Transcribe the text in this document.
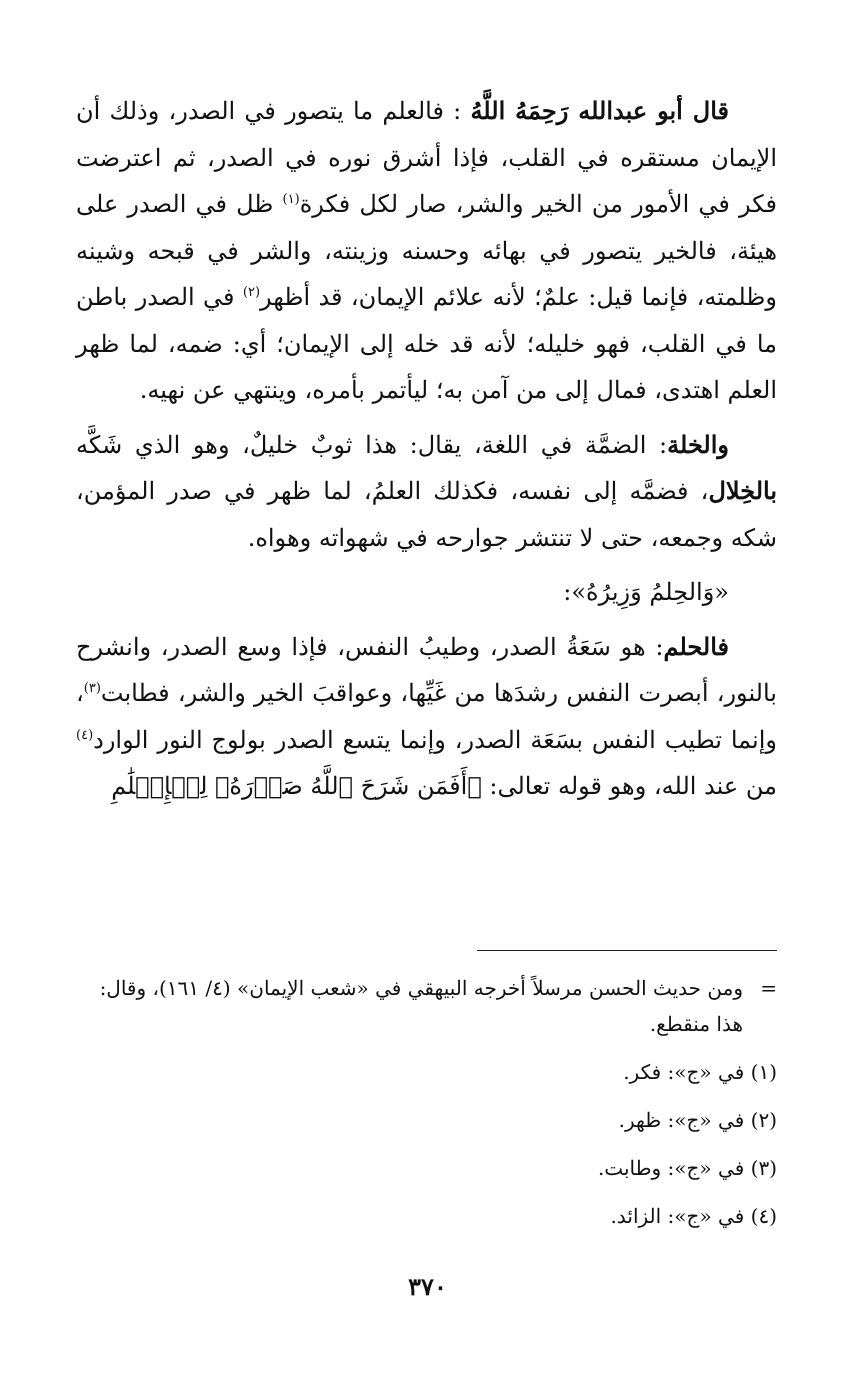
قال أبو عبدالله رَحِمَهُ اللَّهُ : فالعلم ما يتصور في الصدر، وذلك أن الإيمان مستقره في القلب، فإذا أشرق نوره في الصدر، ثم اعترضت فكر في الأمور من الخير والشر، صار لكل فكرة$^{(١)}$ ظل في الصدر على هيئة، فالخير يتصور في بهائه وحسنه وزينته، والشر في قبحه وشينه وظلمته، فإنما قيل: علمٌ؛ لأنه علائم الإيمان، قد أظهر$^{(٢)}$ في الصدر باطن ما في القلب، فهو خليله؛ لأنه قد خله إلى الإيمان؛ أي: ضمه، لما ظهر العلم اهتدى، فمال إلى من آمن به؛ ليأتمر بأمره، وينتهي عن نهيه.

والخلة: الضمَّة في اللغة، يقال: هذا ثوبٌ خليلٌ، وهو الذي شَكَّه بالخِلال، فضمَّه إلى نفسه، فكذلك العلمُ، لما ظهر في صدر المؤمن، شكه وجمعه، حتى لا تنتشر جوارحه في شهواته وهواه.

«وَالحِلمُ وَزِيرُهُ»:

فالحلم: هو سَعَةُ الصدر، وطيبُ النفس، فإذا وسع الصدر، وانشرح بالنور، أبصرت النفس رشدَها من غَيِّها، وعواقبَ الخير والشر، فطابت$^{(٣)}$، وإنما تطيب النفس بسَعَة الصدر، وإنما يتسع الصدر بولوج النور الوارد$^{(٤)}$ من عند الله، وهو قوله تعالى: ﴿أَفَمَن شَرَحَ ٱللَّهُ صَدۡرَهُۥ لِلۡإِسۡلَٰمِ

=
ومن حديث الحسن مرسلاً أخرجه البيهقي في «شعب الإيمان» (٤/ ١٦١)، وقال: هذا منقطع.
(١) في «ج»: فكر.
(٢) في «ج»: ظهر.
(٣) في «ج»: وطابت.
(٤) في «ج»: الزائد.
٣٧٠
